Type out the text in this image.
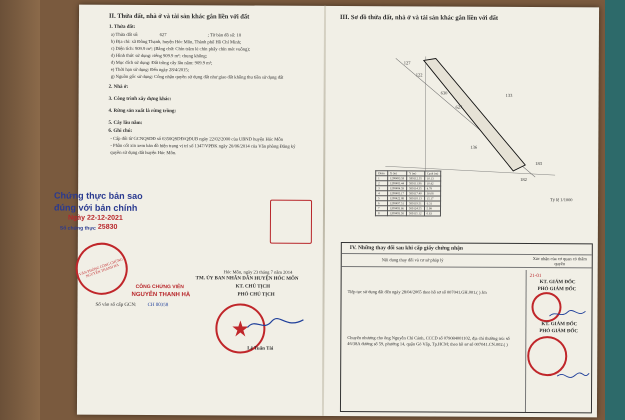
II. Thửa đất, nhà ở và tài sản khác gắn liền với đất
1. Thửa đất:
a) Thửa đất số:	627	; Tờ bản đồ số: 10
b) Địa chỉ: xã Đông Thạnh, huyện Hóc Môn, Thành phố Hồ Chí Minh;
c) Diện tích: 909.9 m²; (Bằng chữ: Chín trăm lẻ chín phẩy chín mét vuông);
d) Hình thức sử dụng: riêng 909.9 m²; chung không;
đ) Mục đích sử dụng: Đất trồng cây lâu năm: 909.9 m²;
e) Thời hạn sử dụng: Đến ngày 28/4/2015;
g) Nguồn gốc sử dụng: Công nhận quyền sử dụng đất như giao đất không thu tiền sử dụng đất
2. Nhà ở:
3. Công trình xây dựng khác:
4. Rừng sản xuất là rừng trồng:
5. Cây lâu năm:
6. Ghi chú:
- Cấp đổi từ GCNQSDĐ số 6350QSDĐ/QĐUB ngày 22/02/2000 của UBND huyện Hóc Môn
- Phần cốt xin xem bản đồ hiện trạng vị trí số 1347/VPĐK ngày 20/06/2014 của Văn phòng Đăng ký
quyền sử dụng đất huyện Hóc Môn.
Chứng thực bản sao
đúng với bản chính
Ngày 22-12-2021
Số chứng thực 25830
VĂN PHÒNG CÔNG CHỨNG NGUYỄN THANH HÀ
CÔNG CHỨNG VIÊN
NGUYỄN THANH HÀ
Số vào sổ cấp GCN: CH 00358
Hóc Môn, ngày 23 tháng 7 năm 2014
TM. ỦY BAN NHÂN DÂN HUYỆN HÓC MÔN
KT. CHỦ TỊCH
PHÓ CHỦ TỊCH
Lê Tuấn Tài
III. Sơ đồ thửa đất, nhà ở và tài sản khác gắn liền với đất
127
122
630
627
133
136
183
182
Tỷ lệ 1/1000
Điểm	X (m)	Y (m)	Cạnh (m)
1	1208493.58	589112.35	10.13
2	1208483.44	589111.96	10.42
3	1208484.59	589114.35	4.79
4	1208483.17	589117.40	30.08
5	1208422.88	589118.13	15.17
6	1208497.51	589119.51	6.31
7	1208493.66	589124.55	5.99
8	1208493.58	589115.12	0.63
IV. Những thay đổi sau khi cấp giấy chứng nhận
Nội dung thay đổi và cơ sở pháp lý	Xác nhận của cơ quan có thẩm quyền
Tiếp tục sử dụng đất đến ngày 28/04/2065 theo hồ sơ số 007041.GH.001.( ) Jm
21-01
KT. GIÁM ĐỐC
PHÓ GIÁM ĐỐC
Chuyển nhượng cho ông Nguyễn Chí Cảnh, CCCD số 079084001102, địa chỉ thường trú: số 46/38A đường số 59, phường 14, quận Gò Vấp, Tp.HCM; theo hồ sơ số 007041.CN.002.( )
KT. GIÁM ĐỐC
PHÓ GIÁM ĐỐC
